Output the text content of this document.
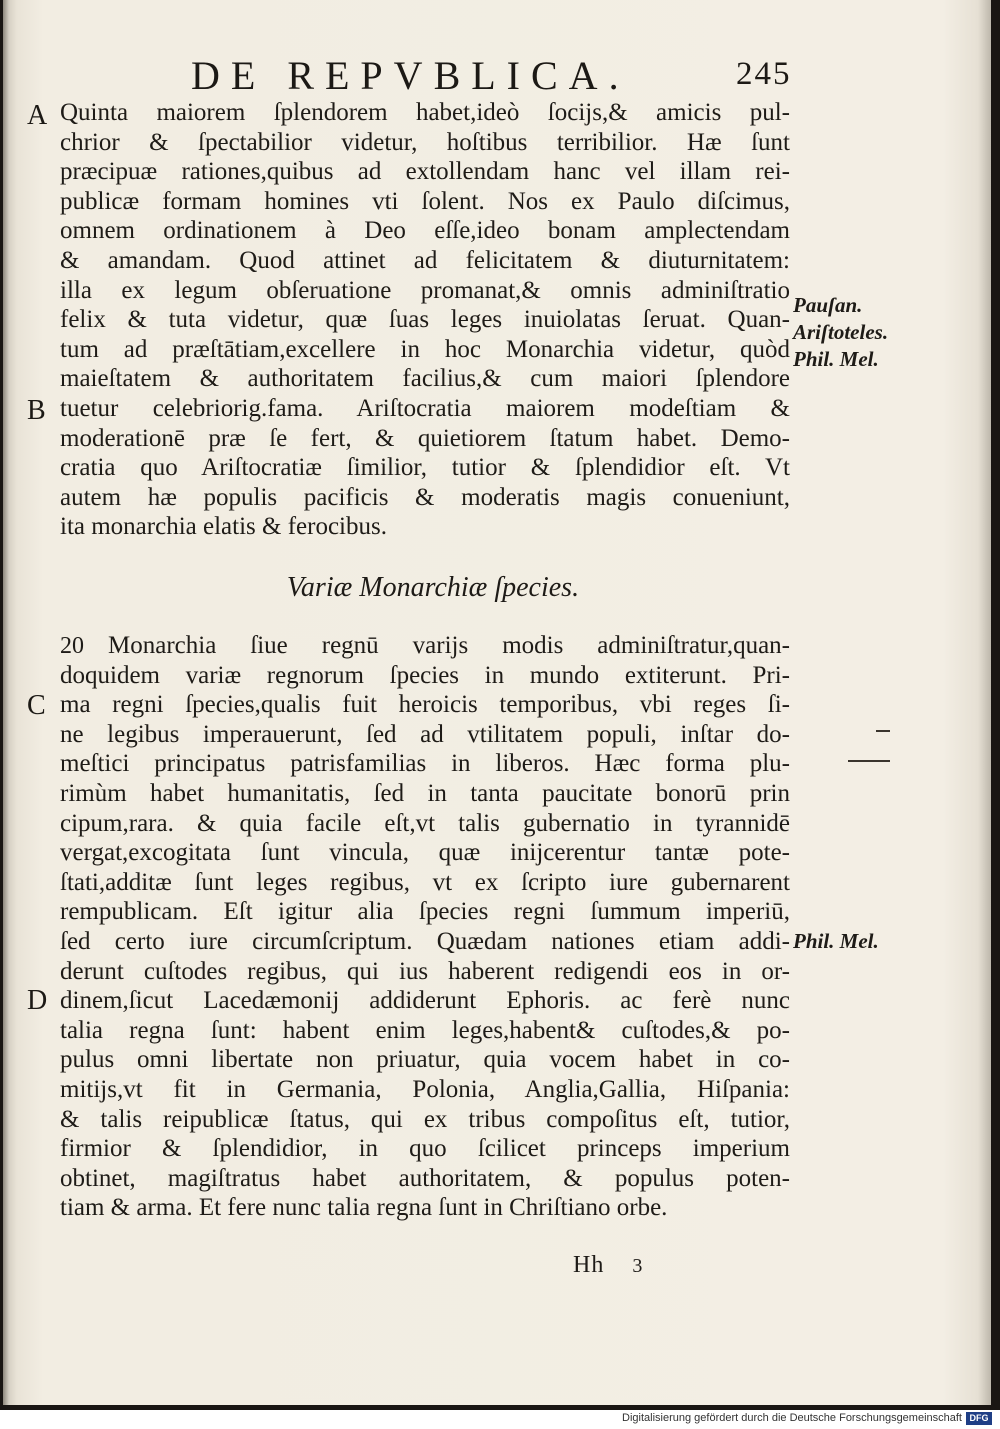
DE REPVBLICA.	245
A
B
C
D
Quinta maiorem ſplendorem habet,ideò ſocijs,& amicis pul-
chrior & ſpectabilior videtur, hoſtibus terribilior. Hæ ſunt
præcipuæ rationes,quibus ad extollendam hanc vel illam rei-
publicæ formam homines vti ſolent. Nos ex Paulo diſcimus,
omnem ordinationem à Deo eſſe,ideo bonam amplectendam
& amandam. Quod attinet ad felicitatem & diuturnitatem:
illa ex legum obſeruatione promanat,& omnis adminiſtratio
felix & tuta videtur, quæ ſuas leges inuiolatas ſeruat. Quan-
tum ad præſtātiam,excellere in hoc Monarchia videtur, quòd
maieſtatem & authoritatem facilius,& cum maiori ſplendore
tuetur celebriorig.fama. Ariſtocratia maiorem modeſtiam &
moderationē præ ſe fert, & quietiorem ſtatum habet. Demo-
cratia quo Ariſtocratiæ ſimilior, tutior & ſplendidior eſt. Vt
autem hæ populis pacificis & moderatis magis conueniunt,
ita monarchia elatis & ferocibus.
Variæ Monarchiæ ſpecies.
20 Monarchia ſiue regnū varijs modis adminiſtratur,quan-
doquidem variæ regnorum ſpecies in mundo extiterunt. Pri-
ma regni ſpecies,qualis fuit heroicis temporibus, vbi reges ſi-
ne legibus imperauerunt, ſed ad vtilitatem populi, inſtar do-
meſtici principatus patrisfamilias in liberos. Hæc forma plu-
rimùm habet humanitatis, ſed in tanta paucitate bonorū prin
cipum,rara. & quia facile eſt,vt talis gubernatio in tyrannidē
vergat,excogitata ſunt vincula, quæ inijcerentur tantæ pote-
ſtati,additæ ſunt leges regibus, vt ex ſcripto iure gubernarent
rempublicam. Eſt igitur alia ſpecies regni ſummum imperiū,
ſed certo iure circumſcriptum. Quædam nationes etiam addi-
derunt cuſtodes regibus, qui ius haberent redigendi eos in or-
dinem,ſicut Lacedæmonij addiderunt Ephoris. ac ferè nunc
talia regna ſunt: habent enim leges,habent& cuſtodes,& po-
pulus omni libertate non priuatur, quia vocem habet in co-
mitijs,vt fit in Germania, Polonia, Anglia,Gallia, Hiſpania:
& talis reipublicæ ſtatus, qui ex tribus compoſitus eſt, tutior,
firmior & ſplendidior, in quo ſcilicet princeps imperium
obtinet, magiſtratus habet authoritatem, & populus poten-
tiam & arma. Et fere nunc talia regna ſunt in Chriſtiano orbe.
Pauſan.
Ariſtoteles.
Phil. Mel.
Phil. Mel.
Hh 3
Digitalisierung gefördert durch die Deutsche Forschungsgemeinschaft DFG
